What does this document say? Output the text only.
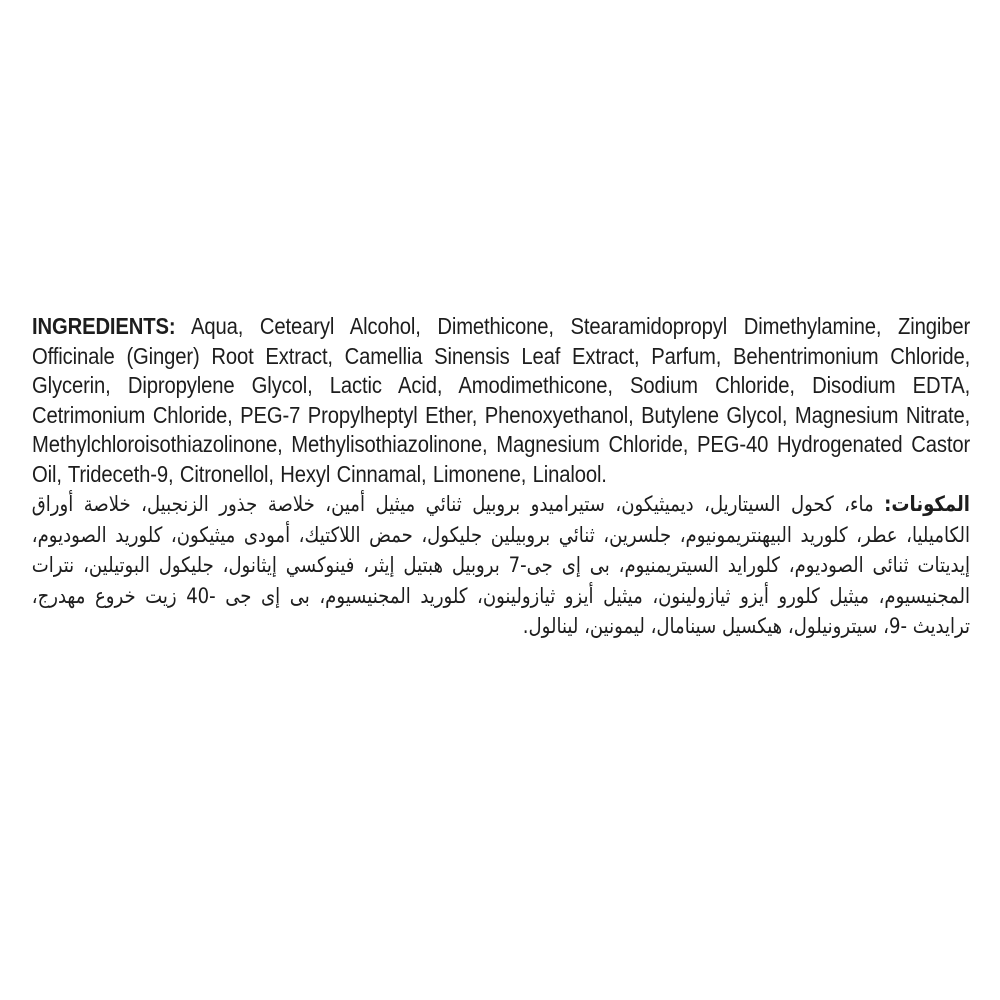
INGREDIENTS: Aqua, Cetearyl Alcohol, Dimethicone, Stearamidopropyl Dimethylamine, Zingiber Officinale (Ginger) Root Extract, Camellia Sinensis Leaf Extract, Parfum, Behentrimonium Chloride, Glycerin, Dipropylene Glycol, Lactic Acid, Amodimethicone, Sodium Chloride, Disodium EDTA, Cetrimonium Chloride, PEG-7 Propylheptyl Ether, Phenoxyethanol, Butylene Glycol, Magnesium Nitrate, Methylchloroisothiazolinone, Methylisothiazolinone, Magnesium Chloride, PEG-40 Hydrogenated Castor Oil, Trideceth-9, Citronellol, Hexyl Cinnamal, Limonene, Linalool.
المكونات: ماء، كحول السيتاريل، ديميثيكون، ستيراميدو بروبيل ثنائي ميثيل أمين، خلاصة جذور الزنجبيل، خلاصة أوراق الكاميليا، عطر، كلوريد البيهنتريمونيوم، جلسرين، ثنائي بروبيلين جليكول، حمض اللاكتيك، أمودى ميثيكون، كلوريد الصوديوم، إيديتات ثنائى الصوديوم، كلورايد السيتريمنيوم، بى إى جى-7 بروبيل هبتيل إيثر، فينوكسي إيثانول، جليكول البوتيلين، نترات المجنيسيوم، ميثيل كلورو أيزو ثيازولينون، ميثيل أيزو ثيازولينون، كلوريد المجنيسيوم، بى إى جى -40 زيت خروع مهدرج، ترايديث -9، سيترونيلول، هيكسيل سينامال، ليمونين، لينالول.
